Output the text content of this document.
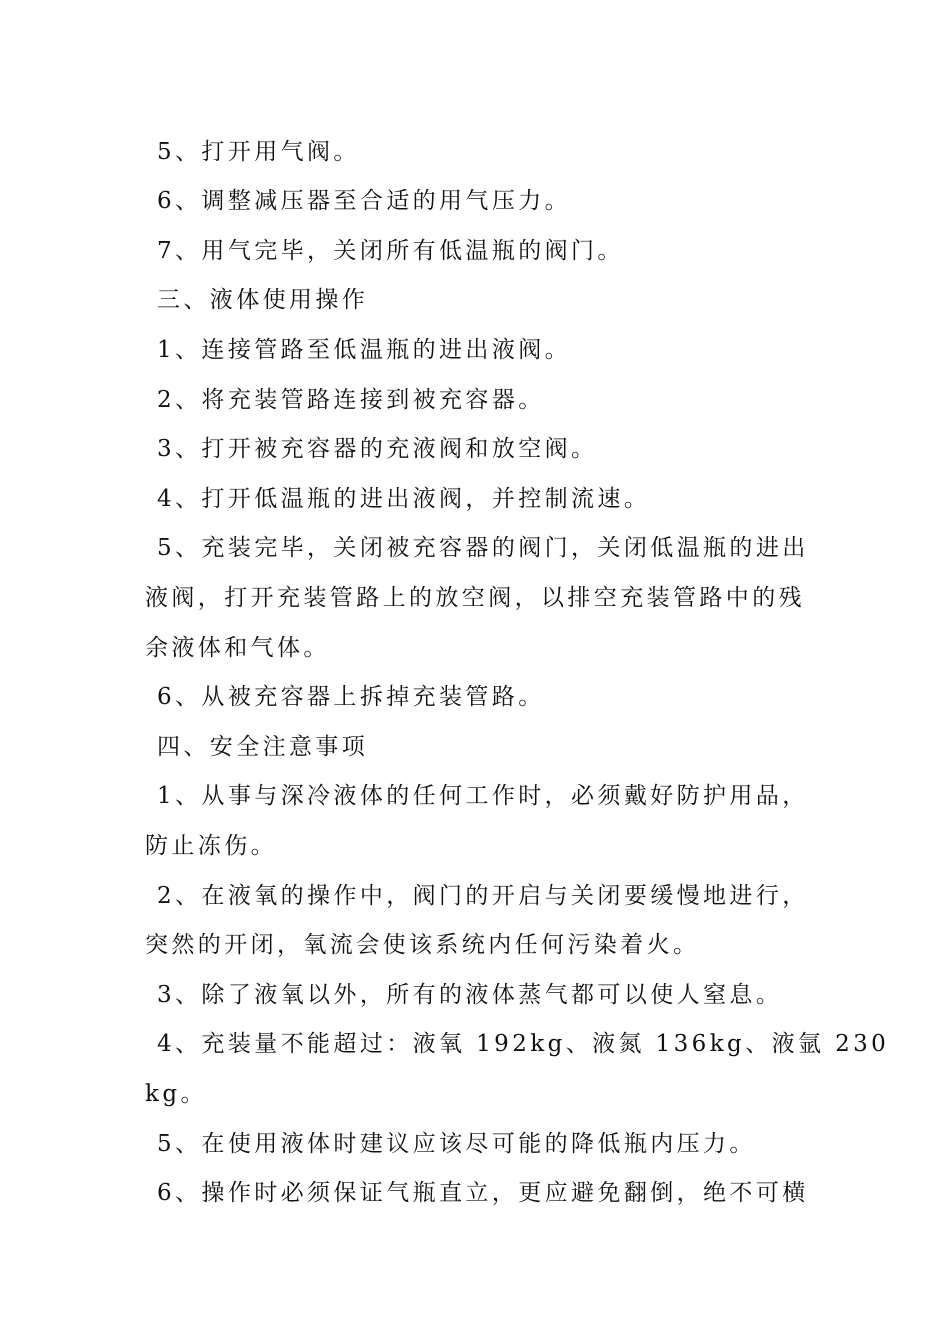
5、打开用气阀。
6、调整减压器至合适的用气压力。
7、用气完毕，关闭所有低温瓶的阀门。
三、液体使用操作
1、连接管路至低温瓶的进出液阀。
2、将充装管路连接到被充容器。
3、打开被充容器的充液阀和放空阀。
4、打开低温瓶的进出液阀，并控制流速。
5、充装完毕，关闭被充容器的阀门，关闭低温瓶的进出
液阀，打开充装管路上的放空阀，以排空充装管路中的残
余液体和气体。
6、从被充容器上拆掉充装管路。
四、安全注意事项
1、从事与深冷液体的任何工作时，必须戴好防护用品，
防止冻伤。
2、在液氧的操作中，阀门的开启与关闭要缓慢地进行，
突然的开闭，氧流会使该系统内任何污染着火。
3、除了液氧以外，所有的液体蒸气都可以使人窒息。
4、充装量不能超过：液氧 192kg、液氮 136kg、液氩 230
kg。
5、在使用液体时建议应该尽可能的降低瓶内压力。
6、操作时必须保证气瓶直立，更应避免翻倒，绝不可横
